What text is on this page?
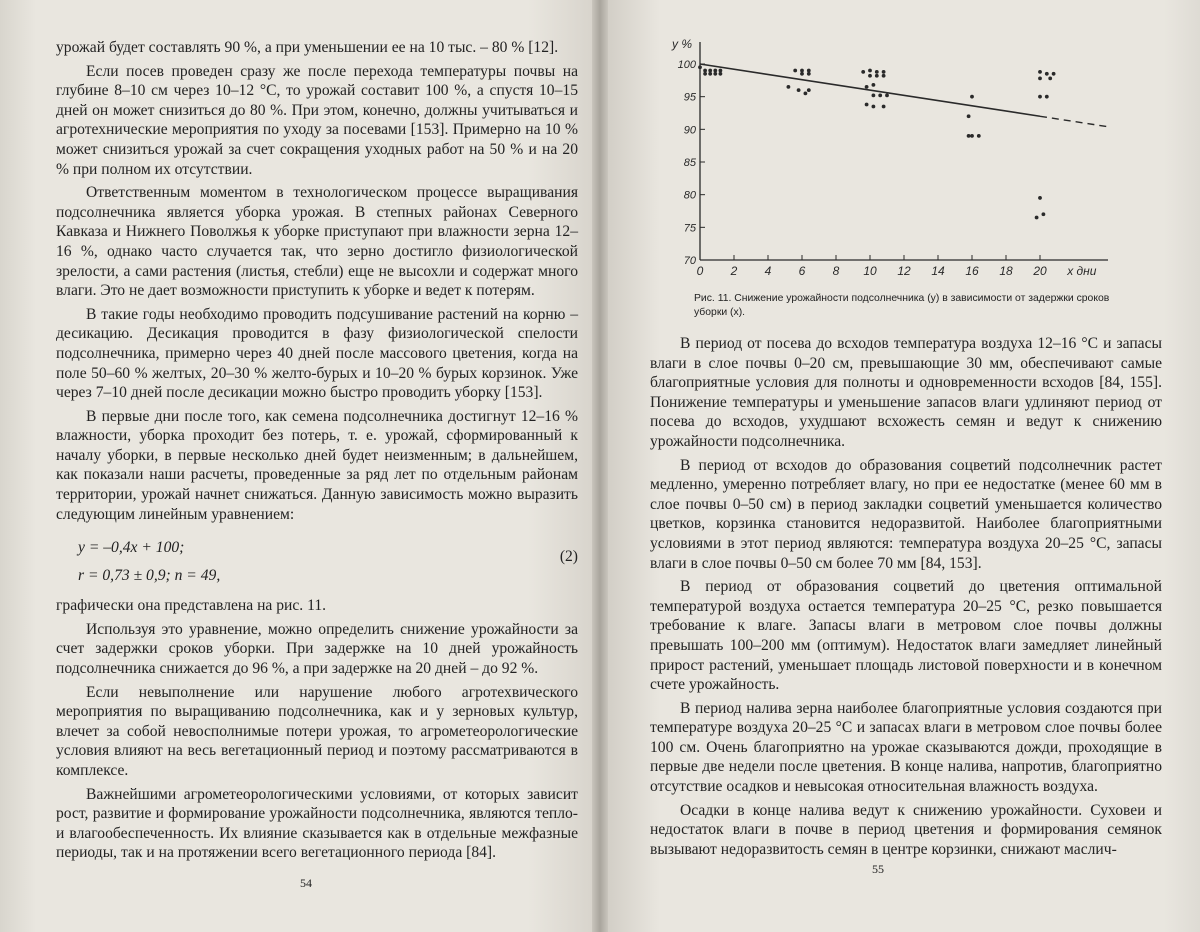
урожай будет составлять 90 %, а при уменьшении ее на 10 тыс. – 80 % [12].

Если посев проведен сразу же после перехода температуры почвы на глубине 8–10 см через 10–12 °С, то урожай составит 100 %, а спустя 10–15 дней он может снизиться до 80 %. При этом, конечно, должны учитываться и агротехнические мероприятия по уходу за посевами [153]. Примерно на 10 % может снизиться урожай за счет сокращения уходных работ на 50 % и на 20 % при полном их отсутствии.

Ответственным моментом в технологическом процессе выращивания подсолнечника является уборка урожая. В степных районах Северного Кавказа и Нижнего Поволжья к уборке приступают при влажности зерна 12–16 %, однако часто случается так, что зерно достигло физиологической зрелости, а сами растения (листья, стебли) еще не высохли и содержат много влаги. Это не дает возможности приступить к уборке и ведет к потерям.

В такие годы необходимо проводить подсушивание растений на корню – десикацию. Десикация проводится в фазу физиологической спелости подсолнечника, примерно через 40 дней после массового цветения, когда на поле 50–60 % желтых, 20–30 % желто-бурых и 10–20 % бурых корзинок. Уже через 7–10 дней после десикации можно быстро проводить уборку [153].

В первые дни после того, как семена подсолнечника достигнут 12–16 % влажности, уборка проходит без потерь, т. е. урожай, сформированный к началу уборки, в первые несколько дней будет неизменным; в дальнейшем, как показали наши расчеты, проведенные за ряд лет по отдельным районам территории, урожай начнет снижаться. Данную зависимость можно выразить следующим линейным уравнением:

y = –0,4x + 100;
r = 0,73 ± 0,9; n = 49,
(2)

графически она представлена на рис. 11.

Используя это уравнение, можно определить снижение урожайности за счет задержки сроков уборки. При задержке на 10 дней урожайность подсолнечника снижается до 96 %, а при задержке на 20 дней – до 92 %.

Если невыполнение или нарушение любого агротехвического мероприятия по выращиванию подсолнечника, как и у зерновых культур, влечет за собой невосполнимые потери урожая, то агрометеорологические условия влияют на весь вегетационный период и поэтому рассматриваются в комплексе.

Важнейшими агрометеорологическими условиями, от которых зависит рост, развитие и формирование урожайности подсолнечника, являются тепло- и влагообеспеченность. Их влияние сказывается как в отдельные межфазные периоды, так и на протяжении всего вегетационного периода [84].

54
y %
x дни
70
75
80
85
90
95
100
0 2 4 6 8 10 12 14 16 18 20
Рис. 11. Снижение урожайности подсолнечника (y) в зависимости от задержки сроков уборки (x).

В период от посева до всходов температура воздуха 12–16 °С и запасы влаги в слое почвы 0–20 см, превышающие 30 мм, обеспечивают самые благоприятные условия для полноты и одновременности всходов [84, 155]. Понижение температуры и уменьшение запасов влаги удлиняют период от посева до всходов, ухудшают всхожесть семян и ведут к снижению урожайности подсолнечника.

В период от всходов до образования соцветий подсолнечник растет медленно, умеренно потребляет влагу, но при ее недостатке (менее 60 мм в слое почвы 0–50 см) в период закладки соцветий уменьшается количество цветков, корзинка становится недоразвитой. Наиболее благоприятными условиями в этот период являются: температура воздуха 20–25 °С, запасы влаги в слое почвы 0–50 см более 70 мм [84, 153].

В период от образования соцветий до цветения оптимальной температурой воздуха остается температура 20–25 °С, резко повышается требование к влаге. Запасы влаги в метровом слое почвы должны превышать 100–200 мм (оптимум). Недостаток влаги замедляет линейный прирост растений, уменьшает площадь листовой поверхности и в конечном счете урожайность.

В период налива зерна наиболее благоприятные условия создаются при температуре воздуха 20–25 °С и запасах влаги в метровом слое почвы более 100 см. Очень благоприятно на урожае сказываются дожди, проходящие в первые две недели после цветения. В конце налива, напротив, благоприятно отсутствие осадков и невысокая относительная влажность воздуха.

Осадки в конце налива ведут к снижению урожайности. Суховеи и недостаток влаги в почве в период цветения и формирования семянок вызывают недоразвитость семян в центре корзинки, снижают маслич-

55
